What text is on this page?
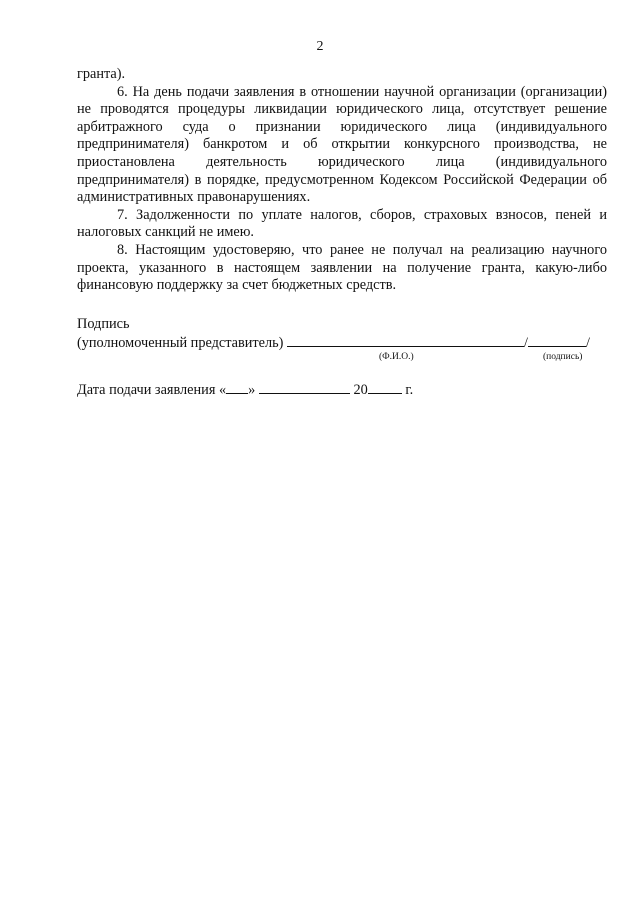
2

гранта).

6. На день подачи заявления в отношении научной организации (организации) не проводятся процедуры ликвидации юридического лица, отсутствует решение арбитражного суда о признании юридического лица (индивидуального предпринимателя) банкротом и об открытии конкурсного производства, не приостановлена деятельность юридического лица (индивидуального предпринимателя) в порядке, предусмотренном Кодексом Российской Федерации об административных правонарушениях.

7. Задолженности по уплате налогов, сборов, страховых взносов, пеней и налоговых санкций не имею.

8. Настоящим удостоверяю, что ранее не получал на реализацию научного проекта, указанного в настоящем заявлении на получение гранта, какую-либо финансовую поддержку за счет бюджетных средств.

Подпись
(уполномоченный представитель)	/	/
(Ф.И.О.)	(подпись)
Дата подачи заявления « »	20	г.
